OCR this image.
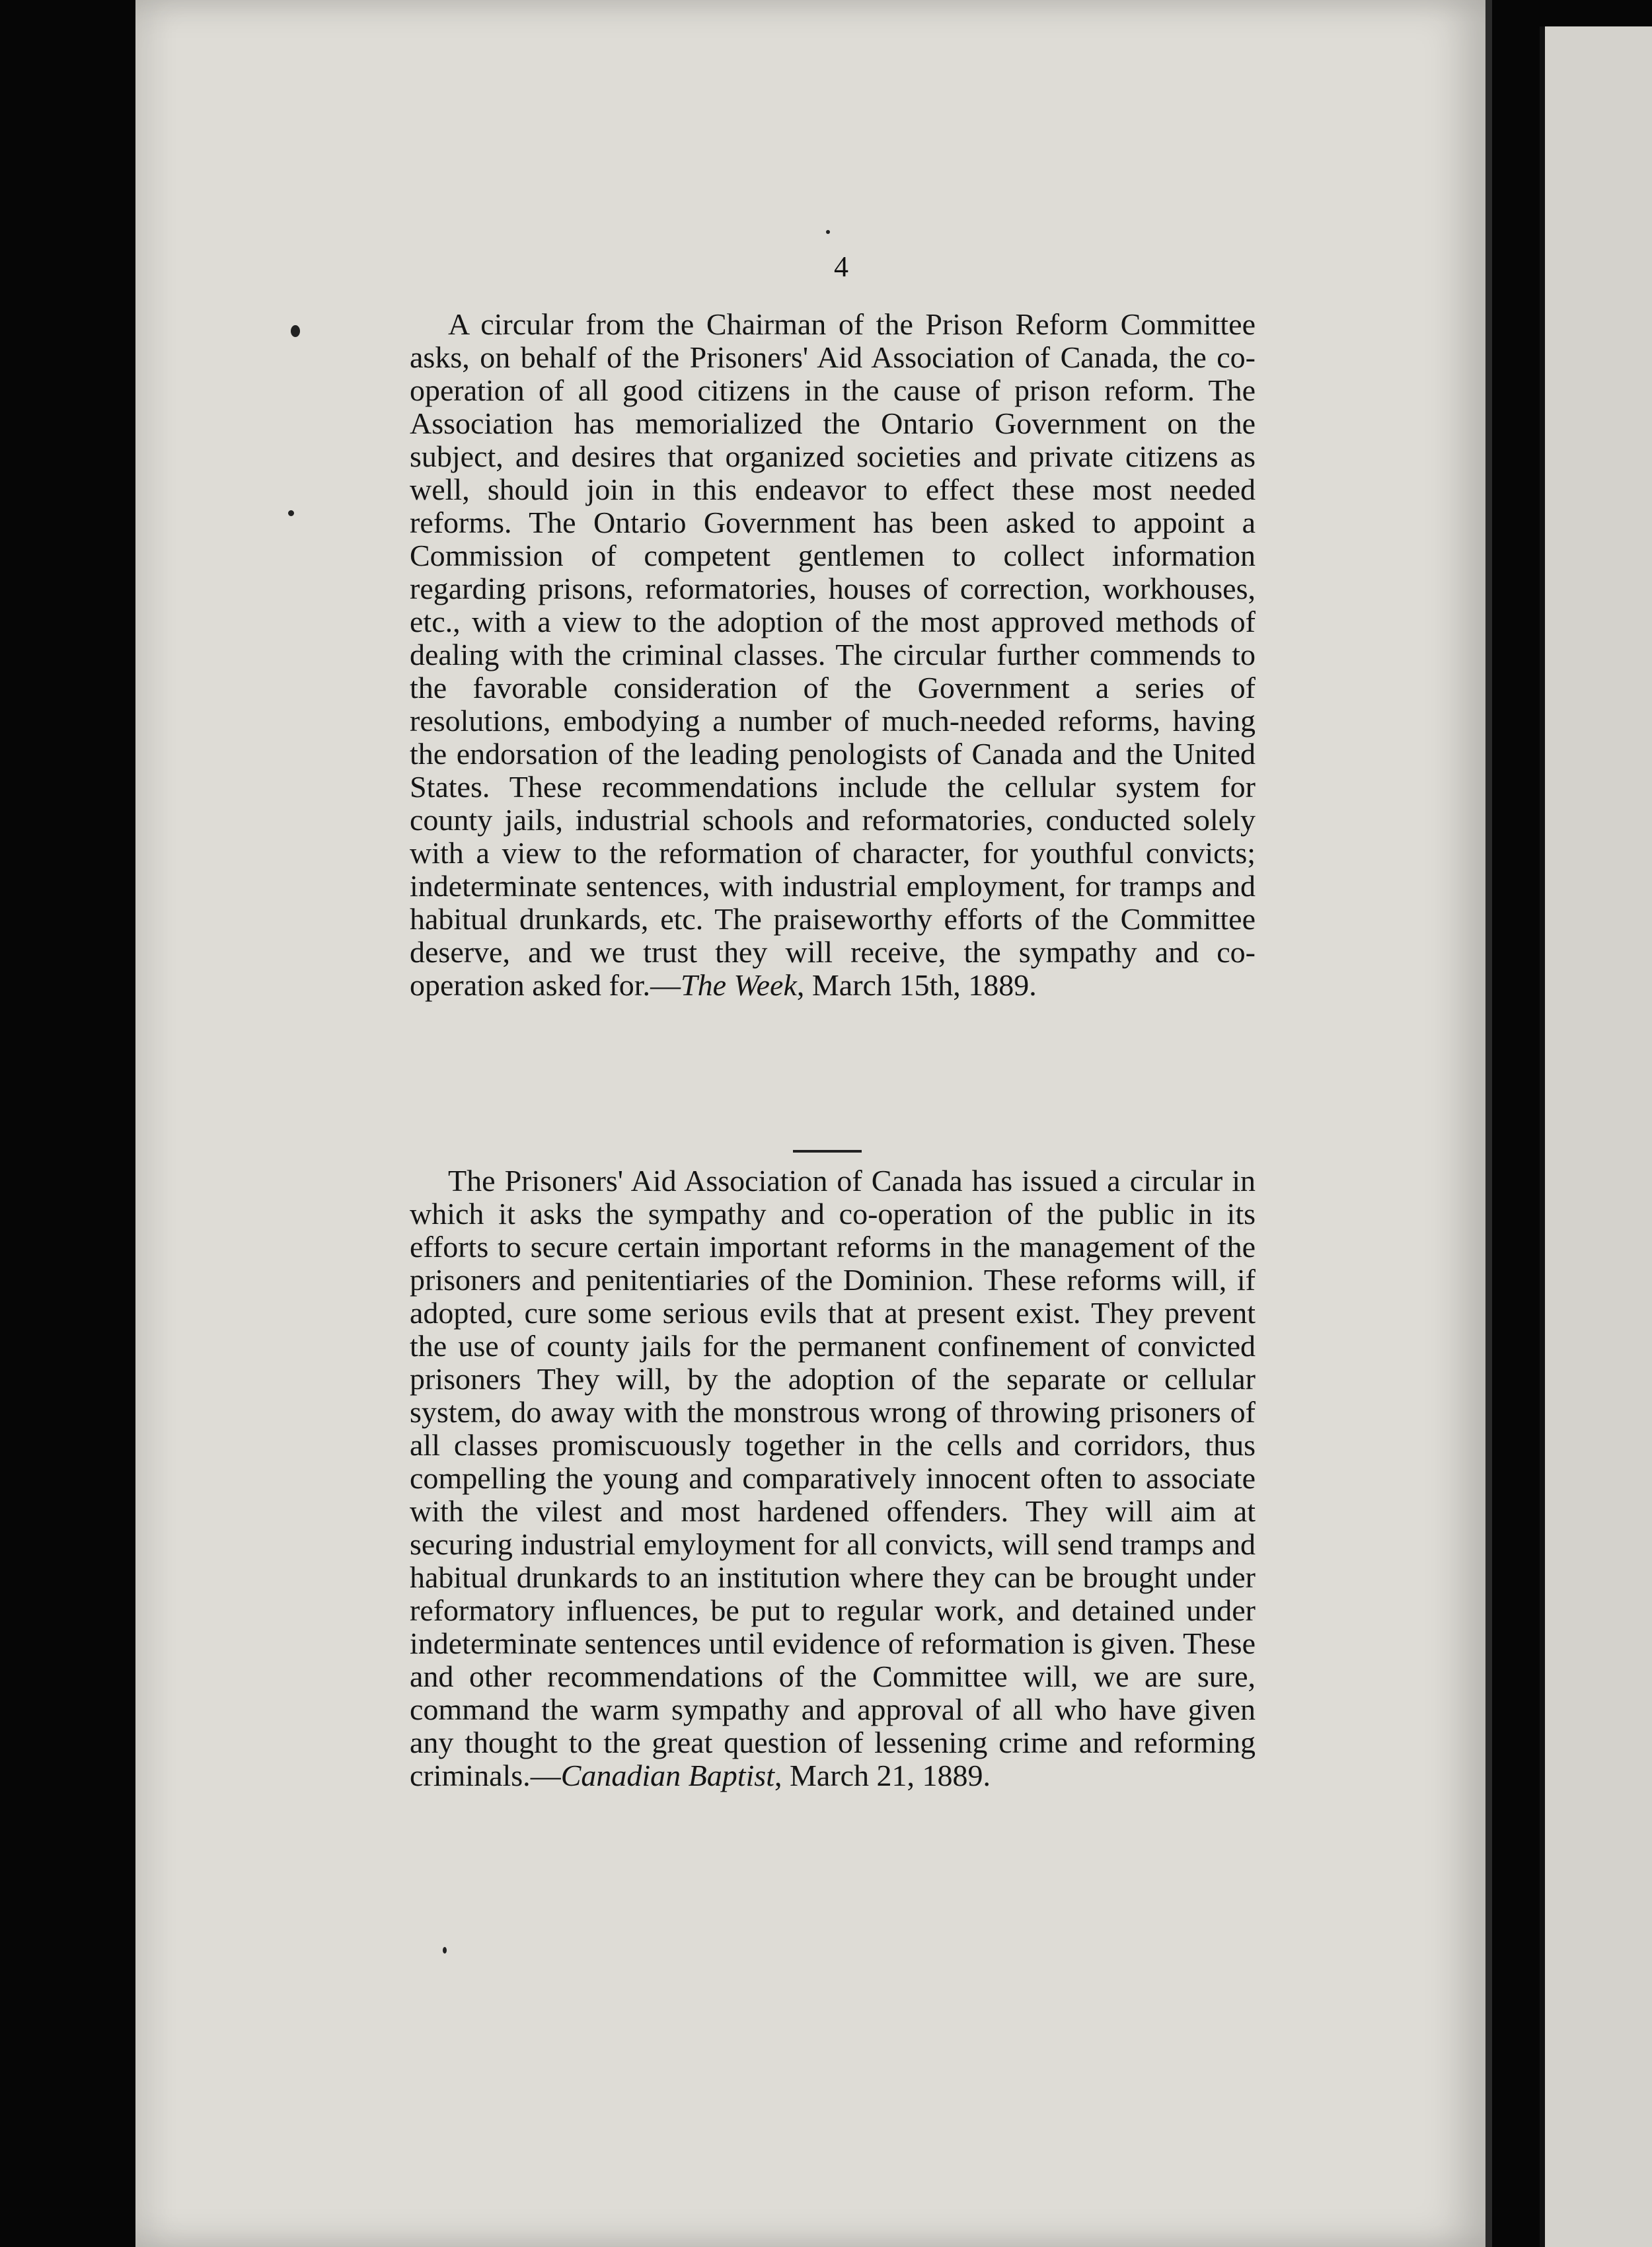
4

A circular from the Chairman of the Prison Reform Committee asks, on behalf of the Prisoners' Aid Association of Canada, the co-operation of all good citizens in the cause of prison reform. The Association has memorialized the Ontario Government on the subject, and desires that organized societies and private citizens as well, should join in this endeavor to effect these most needed reforms. The Ontario Government has been asked to appoint a Commission of competent gentlemen to collect information regarding prisons, reformatories, houses of correction, workhouses, etc., with a view to the adoption of the most approved methods of dealing with the criminal classes. The circular further commends to the favorable consideration of the Government a series of resolutions, embodying a number of much-needed reforms, having the endorsation of the leading penologists of Canada and the United States. These recommendations include the cellular system for county jails, industrial schools and reformatories, conducted solely with a view to the reformation of character, for youthful convicts; indeterminate sentences, with industrial employment, for tramps and habitual drunkards, etc. The praiseworthy efforts of the Committee deserve, and we trust they will receive, the sympathy and co-operation asked for.—The Week, March 15th, 1889.

The Prisoners' Aid Association of Canada has issued a circular in which it asks the sympathy and co-operation of the public in its efforts to secure certain important reforms in the management of the prisoners and penitentiaries of the Dominion. These reforms will, if adopted, cure some serious evils that at present exist. They prevent the use of county jails for the permanent confinement of convicted prisoners They will, by the adoption of the separate or cellular system, do away with the monstrous wrong of throwing prisoners of all classes promiscuously together in the cells and corridors, thus compelling the young and comparatively innocent often to associate with the vilest and most hardened offenders. They will aim at securing industrial emyloyment for all convicts, will send tramps and habitual drunkards to an institution where they can be brought under reformatory influences, be put to regular work, and detained under indeterminate sentences until evidence of reformation is given. These and other recommendations of the Committee will, we are sure, command the warm sympathy and approval of all who have given any thought to the great question of lessening crime and reforming criminals.—Canadian Baptist, March 21, 1889.
